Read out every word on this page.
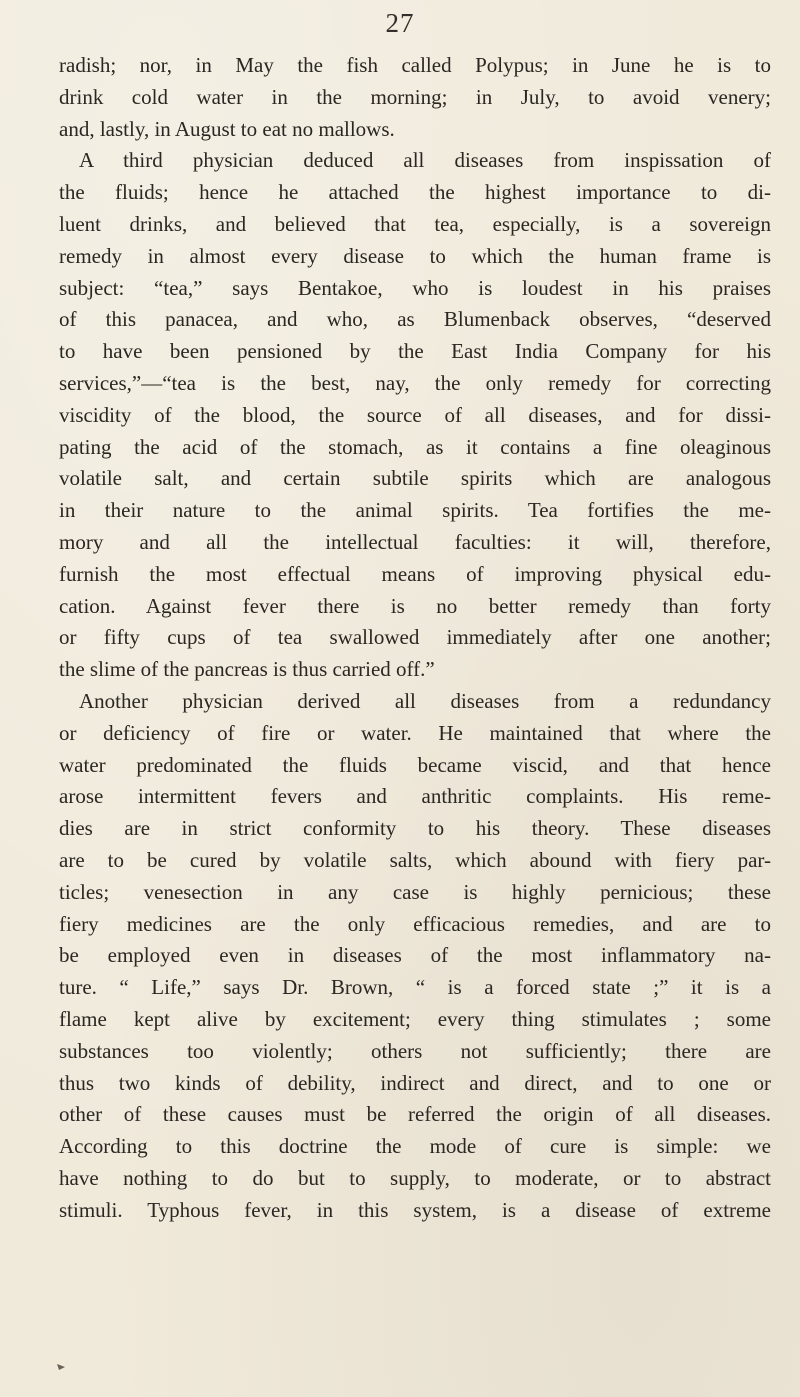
27
radish; nor, in May the fish called Polypus; in June he is to
drink cold water in the morning; in July, to avoid venery;
and, lastly, in August to eat no mallows.
A third physician deduced all diseases from inspissation of
the fluids; hence he attached the highest importance to di-
luent drinks, and believed that tea, especially, is a sovereign
remedy in almost every disease to which the human frame is
subject: “tea,” says Bentakoe, who is loudest in his praises
of this panacea, and who, as Blumenback observes, “deserved
to have been pensioned by the East India Company for his
services,”—“tea is the best, nay, the only remedy for correcting
viscidity of the blood, the source of all diseases, and for dissi-
pating the acid of the stomach, as it contains a fine oleaginous
volatile salt, and certain subtile spirits which are analogous
in their nature to the animal spirits. Tea fortifies the me-
mory and all the intellectual faculties: it will, therefore,
furnish the most effectual means of improving physical edu-
cation. Against fever there is no better remedy than forty
or fifty cups of tea swallowed immediately after one another;
the slime of the pancreas is thus carried off.”
Another physician derived all diseases from a redundancy
or deficiency of fire or water. He maintained that where the
water predominated the fluids became viscid, and that hence
arose intermittent fevers and anthritic complaints. His reme-
dies are in strict conformity to his theory. These diseases
are to be cured by volatile salts, which abound with fiery par-
ticles; venesection in any case is highly pernicious; these
fiery medicines are the only efficacious remedies, and are to
be employed even in diseases of the most inflammatory na-
ture. “ Life,” says Dr. Brown, “ is a forced state ;” it is a
flame kept alive by excitement; every thing stimulates ; some
substances too violently; others not sufficiently; there are
thus two kinds of debility, indirect and direct, and to one or
other of these causes must be referred the origin of all diseases.
According to this doctrine the mode of cure is simple: we
have nothing to do but to supply, to moderate, or to abstract
stimuli. Typhous fever, in this system, is a disease of extreme
